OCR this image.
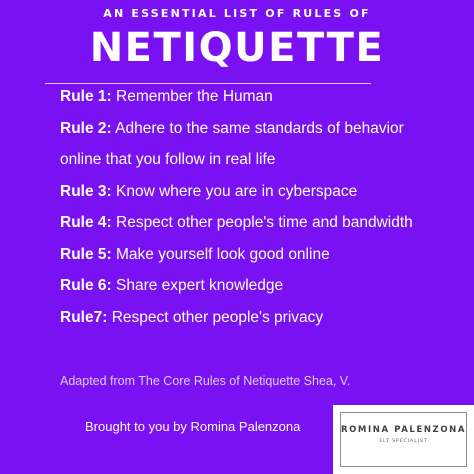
AN ESSENTIAL LIST OF RULES OF
NETIQUETTE
Rule 1: Remember the Human
Rule 2: Adhere to the same standards of behavior
online that you follow in real life
Rule 3: Know where you are in cyberspace
Rule 4: Respect other people's time and bandwidth
Rule 5: Make yourself look good online
Rule 6: Share expert knowledge
Rule7: Respect other people's privacy
Adapted from The Core Rules of Netiquette Shea, V.
Brought to you by Romina Palenzona	ROMINA PALENZONA
ELT SPECIALIST
